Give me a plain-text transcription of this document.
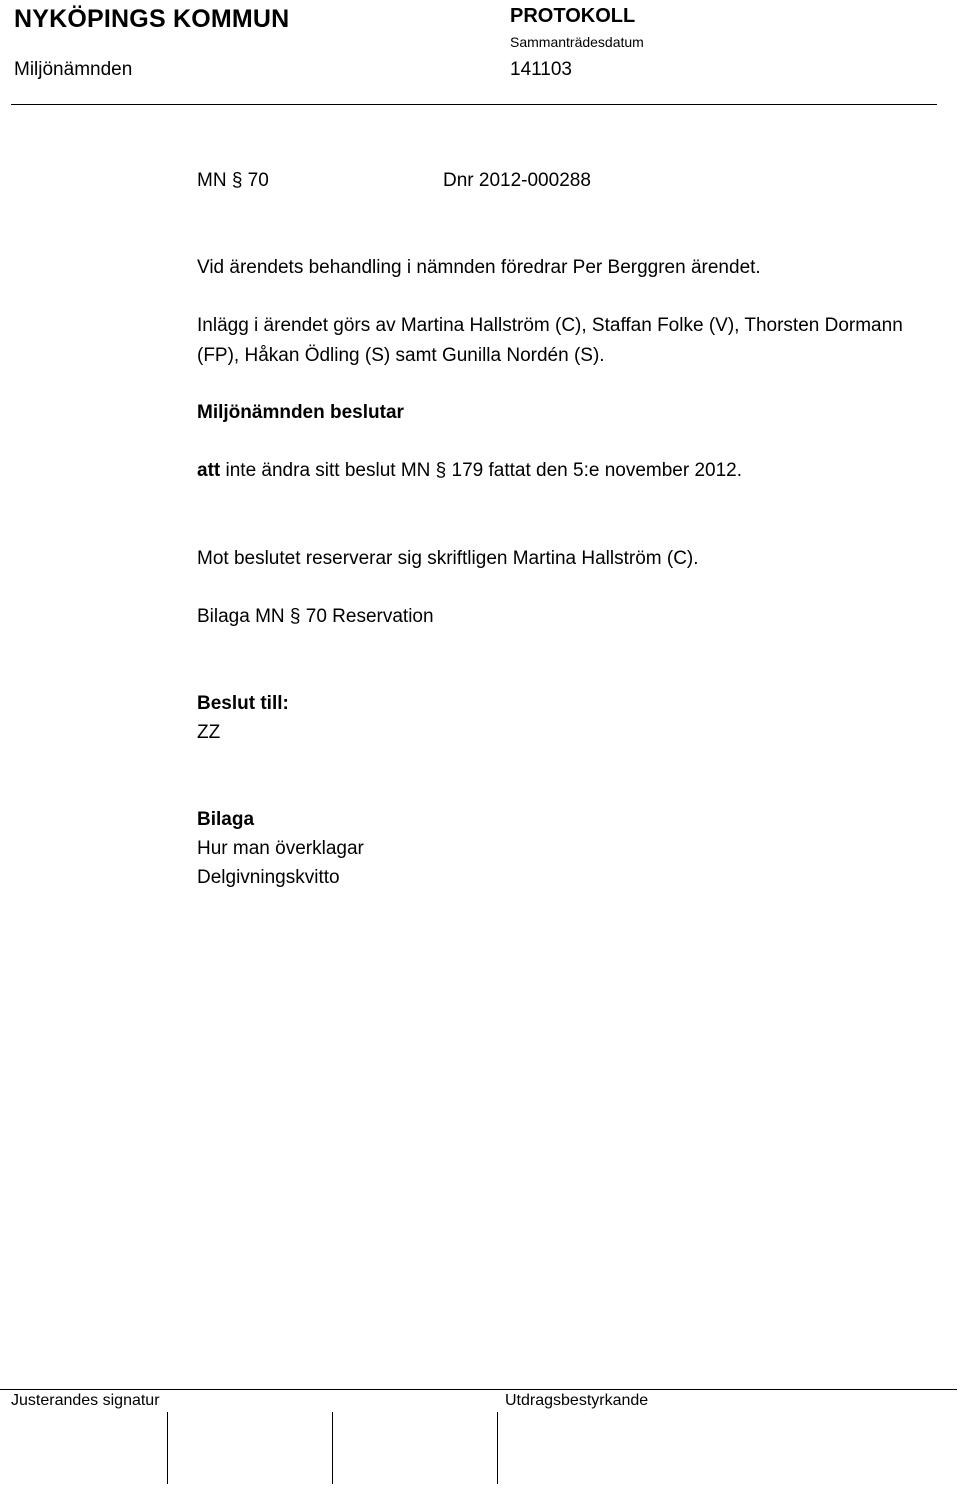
NYKÖPINGS KOMMUN	PROTOKOLL
Sammanträdesdatum
Miljönämnden	141103
MN § 70	Dnr 2012-000288
Vid ärendets behandling i nämnden föredrar Per Berggren ärendet.
Inlägg i ärendet görs av Martina Hallström (C), Staffan Folke (V), Thorsten Dormann (FP), Håkan Ödling (S) samt Gunilla Nordén (S).
Miljönämnden beslutar
att inte ändra sitt beslut MN § 179 fattat den 5:e november 2012.
Mot beslutet reserverar sig skriftligen Martina Hallström (C).
Bilaga MN § 70 Reservation
Beslut till:
ZZ
Bilaga
Hur man överklagar
Delgivningskvitto
Justerandes signatur	Utdragsbestyrkande
